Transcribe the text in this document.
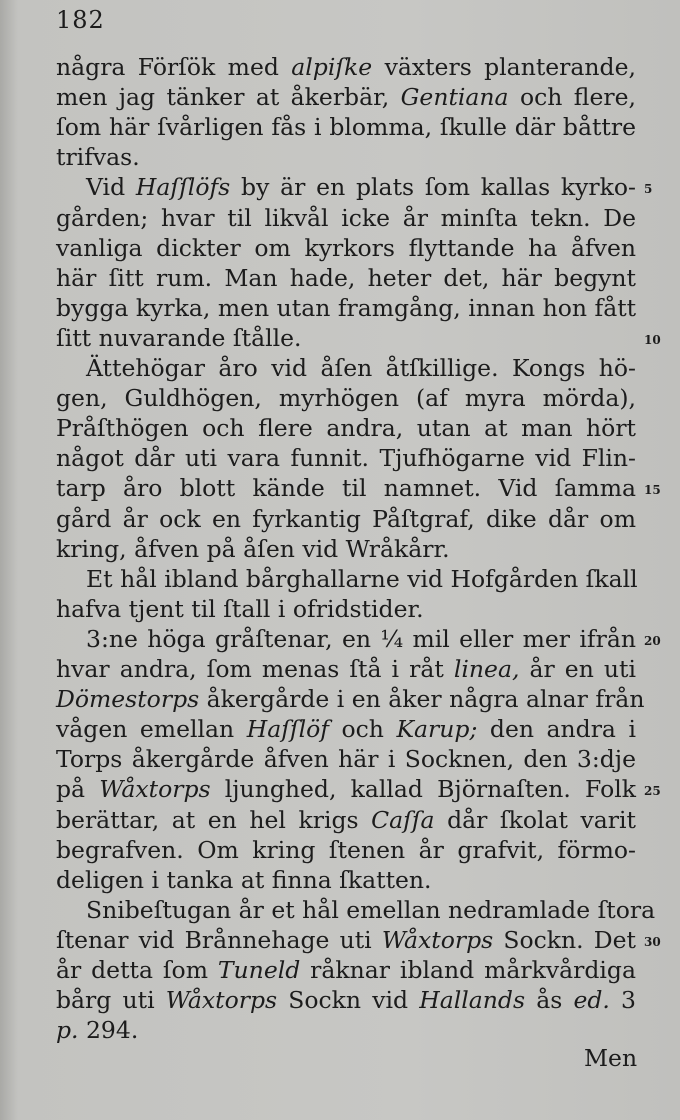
182
några Förſök med alpiſke växters planterande,
men jag tänker at åkerbär, Gentiana och flere,
ſom här ſvårligen fås i blomma, ſkulle där båttre
trifvas.
Vid Haſſlöfs by är en plats ſom kallas kyrko-
gården; hvar til likvål icke år minſta tekn. De
vanliga dickter om kyrkors flyttande ha åfven
här ſitt rum. Man hade, heter det, här begynt
bygga kyrka, men utan framgång, innan hon fått
ſitt nuvarande ſtålle.
Ättehögar åro vid åſen åtſkillige. Kongs hö-
gen, Guldhögen, myrhögen (af myra mörda),
Pråſthögen och flere andra, utan at man hört
något dår uti vara funnit. Tjufhögarne vid Flin-
tarp åro blott kände til namnet. Vid ſamma
gård år ock en fyrkantig Påſtgraf, dike dår om
kring, åfven på åſen vid Wråkårr.
Et hål ibland bårghallarne vid Hofgården ſkall
hafva tjent til ſtall i ofridstider.
3:ne höga gråſtenar, en ¼ mil eller mer ifrån
hvar andra, ſom menas ſtå i råt linea, år en uti
Dömestorps åkergårde i en åker några alnar från
vågen emellan Haſſlöf och Karup; den andra i
Torps åkergårde åfven här i Socknen, den 3:dje
på Wåxtorps ljunghed, kallad Björnaſten. Folk
berättar, at en hel krigs Caſſa dår ſkolat varit
begrafven. Om kring ſtenen år grafvit, förmo-
deligen i tanka at finna ſkatten.
Snibeſtugan år et hål emellan nedramlade ſtora
ſtenar vid Brånnehage uti Wåxtorps Sockn. Det
år detta ſom Tuneld råknar ibland mårkvårdiga
bårg uti Wåxtorps Sockn vid Hallands ås ed. 3
p. 294.
5
10
15
20
25
30
Men
